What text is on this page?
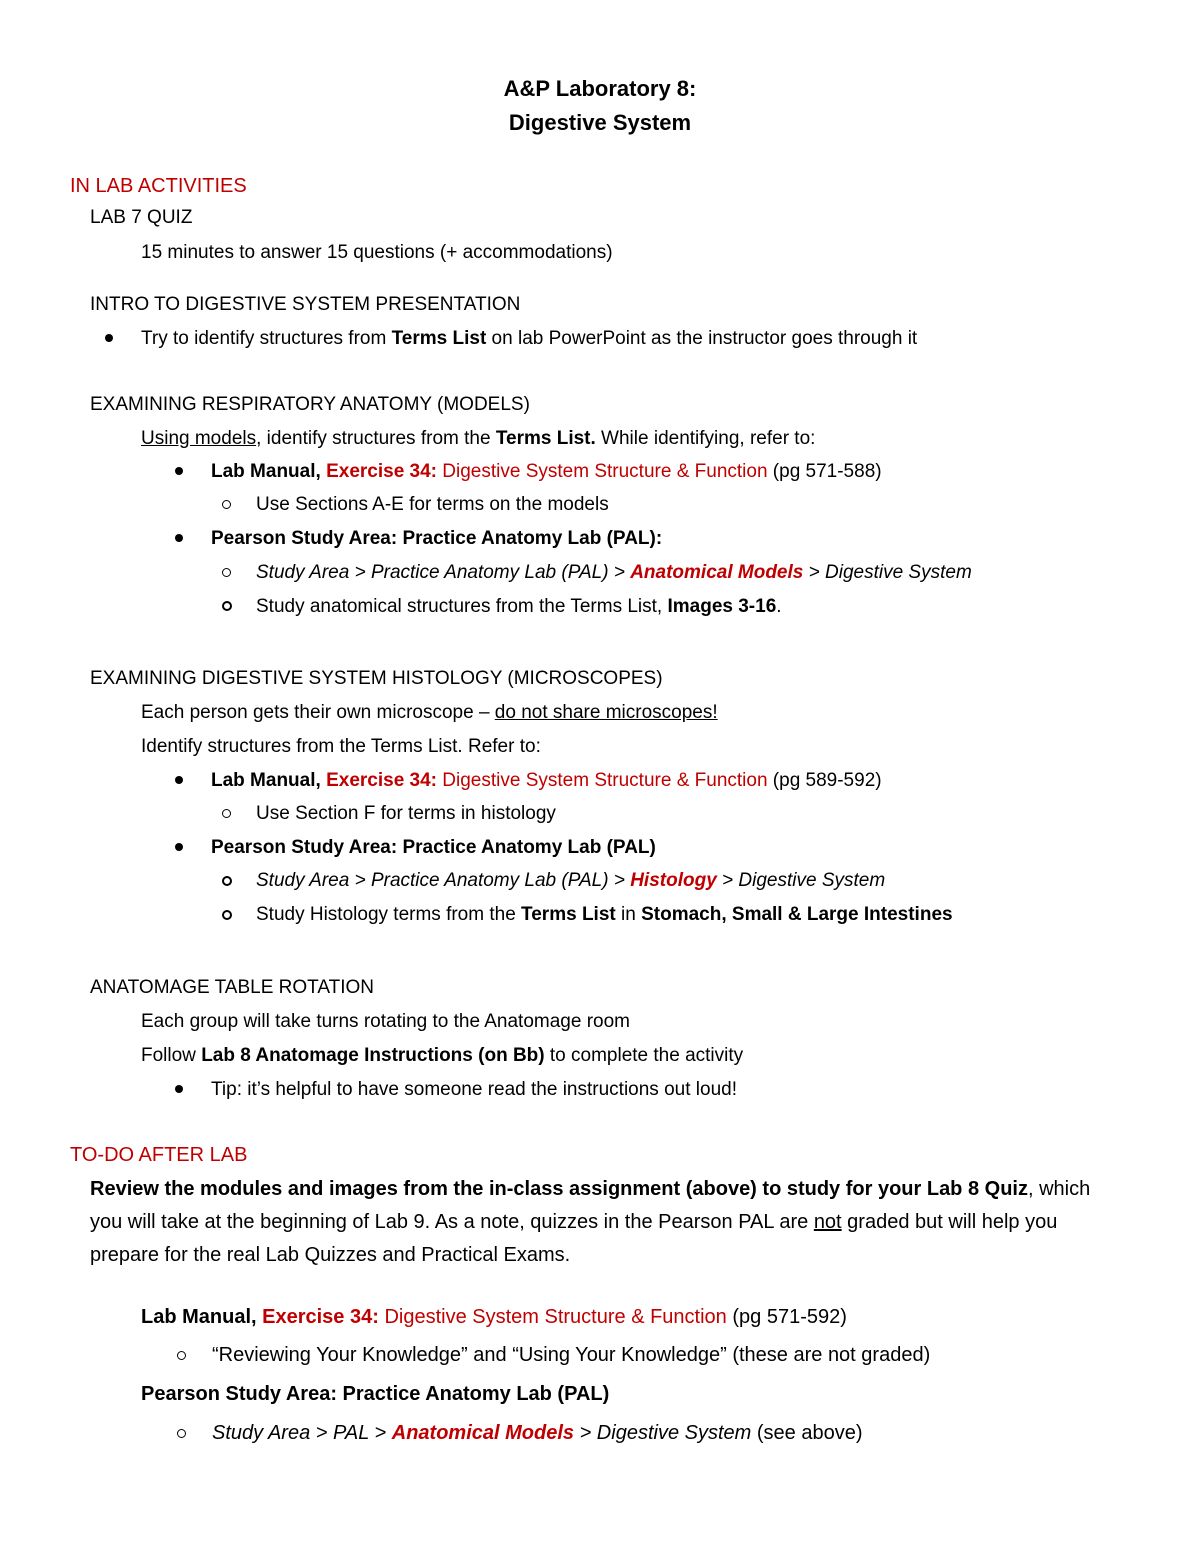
A&P Laboratory 8:
Digestive System
IN LAB ACTIVITIES
LAB 7 QUIZ
15 minutes to answer 15 questions (+ accommodations)
INTRO TO DIGESTIVE SYSTEM PRESENTATION
Try to identify structures from Terms List on lab PowerPoint as the instructor goes through it
EXAMINING RESPIRATORY ANATOMY (MODELS)
Using models, identify structures from the Terms List. While identifying, refer to:
Lab Manual, Exercise 34: Digestive System Structure & Function (pg 571-588)
Use Sections A-E for terms on the models
Pearson Study Area: Practice Anatomy Lab (PAL):
Study Area > Practice Anatomy Lab (PAL) > Anatomical Models > Digestive System
Study anatomical structures from the Terms List, Images 3-16.
EXAMINING DIGESTIVE SYSTEM HISTOLOGY (MICROSCOPES)
Each person gets their own microscope – do not share microscopes!
Identify structures from the Terms List. Refer to:
Lab Manual, Exercise 34: Digestive System Structure & Function (pg 589-592)
Use Section F for terms in histology
Pearson Study Area: Practice Anatomy Lab (PAL)
Study Area > Practice Anatomy Lab (PAL) > Histology > Digestive System
Study Histology terms from the Terms List in Stomach, Small & Large Intestines
ANATOMAGE TABLE ROTATION
Each group will take turns rotating to the Anatomage room
Follow Lab 8 Anatomage Instructions (on Bb) to complete the activity
Tip: it’s helpful to have someone read the instructions out loud!
TO-DO AFTER LAB
Review the modules and images from the in-class assignment (above) to study for your Lab 8 Quiz, which
you will take at the beginning of Lab 9. As a note, quizzes in the Pearson PAL are not graded but will help you
prepare for the real Lab Quizzes and Practical Exams.
Lab Manual, Exercise 34: Digestive System Structure & Function (pg 571-592)
“Reviewing Your Knowledge” and “Using Your Knowledge” (these are not graded)
Pearson Study Area: Practice Anatomy Lab (PAL)
Study Area > PAL > Anatomical Models > Digestive System (see above)
